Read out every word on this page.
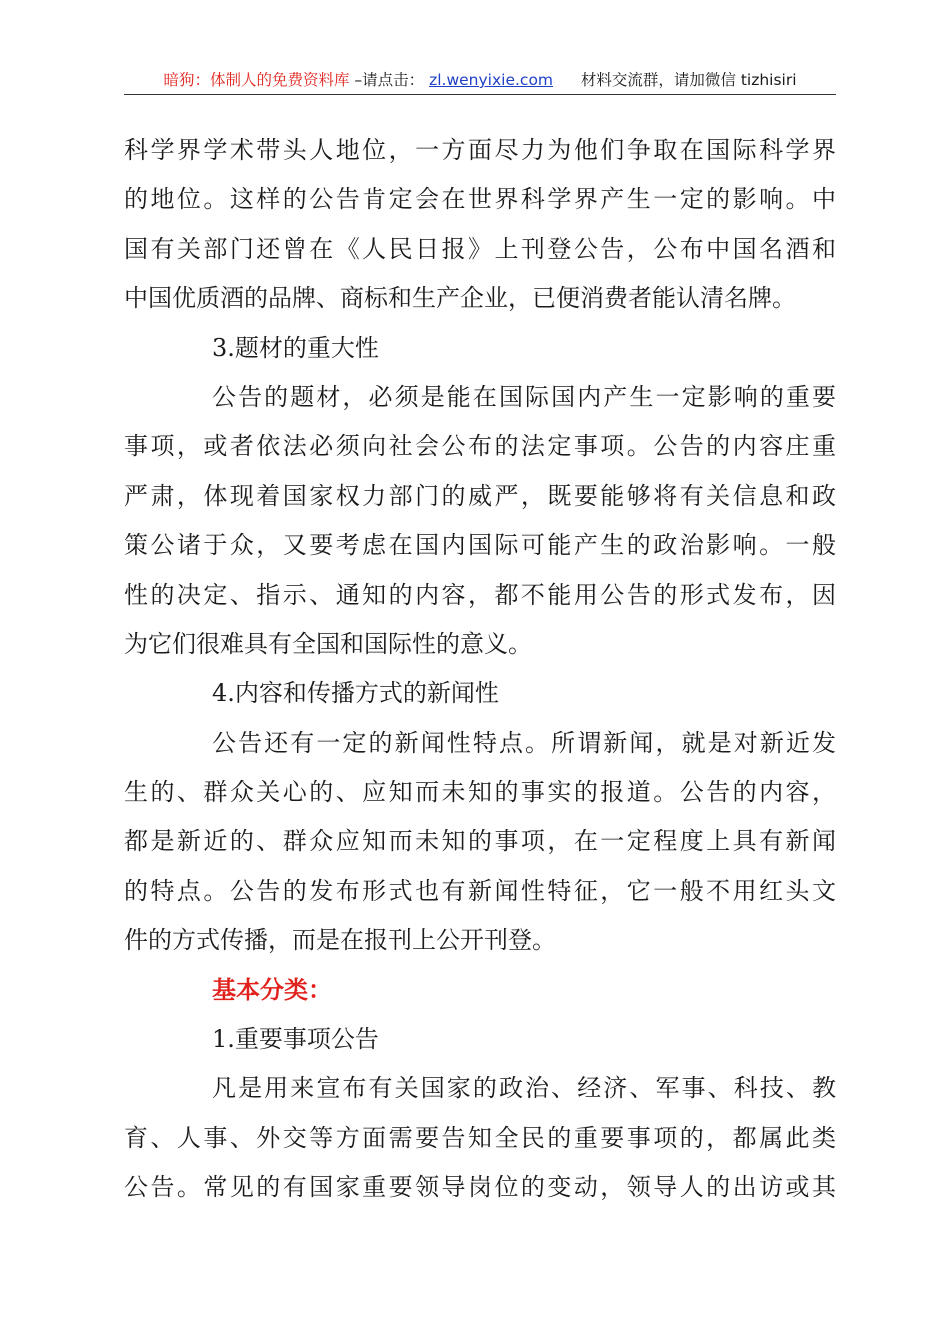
暗狗：体制人的免费资料库 –请点击： zl.wenyixie.com 材料交流群，请加微信 tizhisiri
科学界学术带头人地位，一方面尽力为他们争取在国际科学界
的地位。这样的公告肯定会在世界科学界产生一定的影响。中
国有关部门还曾在《人民日报》上刊登公告，公布中国名酒和
中国优质酒的品牌、商标和生产企业，已便消费者能认清名牌。
3.题材的重大性
公告的题材，必须是能在国际国内产生一定影响的重要
事项，或者依法必须向社会公布的法定事项。公告的内容庄重
严肃，体现着国家权力部门的威严，既要能够将有关信息和政
策公诸于众，又要考虑在国内国际可能产生的政治影响。一般
性的决定、指示、通知的内容，都不能用公告的形式发布，因
为它们很难具有全国和国际性的意义。
4.内容和传播方式的新闻性
公告还有一定的新闻性特点。所谓新闻，就是对新近发
生的、群众关心的、应知而未知的事实的报道。公告的内容，
都是新近的、群众应知而未知的事项，在一定程度上具有新闻
的特点。公告的发布形式也有新闻性特征，它一般不用红头文
件的方式传播，而是在报刊上公开刊登。
基本分类：
1.重要事项公告
凡是用来宣布有关国家的政治、经济、军事、科技、教
育、人事、外交等方面需要告知全民的重要事项的，都属此类
公告。常见的有国家重要领导岗位的变动，领导人的出访或其
